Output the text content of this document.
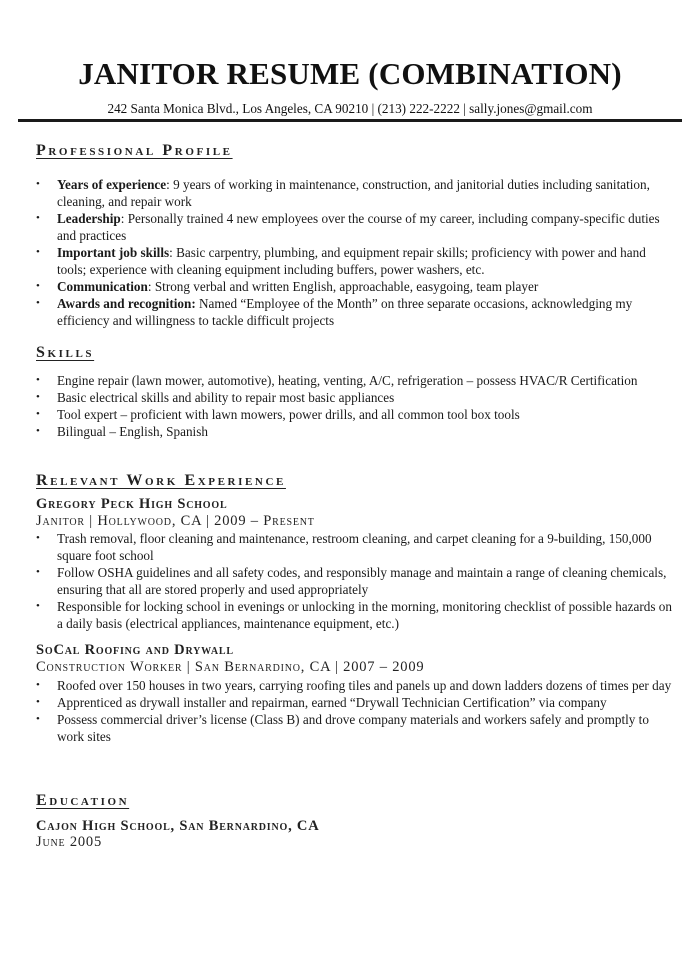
JANITOR RESUME (COMBINATION)
242 Santa Monica Blvd., Los Angeles, CA 90210 | (213) 222-2222 | sally.jones@gmail.com
Professional Profile
• Years of experience: 9 years of working in maintenance, construction, and janitorial duties including sanitation, cleaning, and repair work
• Leadership: Personally trained 4 new employees over the course of my career, including company-specific duties and practices
• Important job skills: Basic carpentry, plumbing, and equipment repair skills; proficiency with power and hand tools; experience with cleaning equipment including buffers, power washers, etc.
• Communication: Strong verbal and written English, approachable, easygoing, team player
• Awards and recognition: Named “Employee of the Month” on three separate occasions, acknowledging my efficiency and willingness to tackle difficult projects
Skills
• Engine repair (lawn mower, automotive), heating, venting, A/C, refrigeration – possess HVAC/R Certification
• Basic electrical skills and ability to repair most basic appliances
• Tool expert – proficient with lawn mowers, power drills, and all common tool box tools
• Bilingual – English, Spanish
Relevant Work Experience
Gregory Peck High School
Janitor | Hollywood, CA | 2009 – Present
• Trash removal, floor cleaning and maintenance, restroom cleaning, and carpet cleaning for a 9-building, 150,000 square foot school
• Follow OSHA guidelines and all safety codes, and responsibly manage and maintain a range of cleaning chemicals, ensuring that all are stored properly and used appropriately
• Responsible for locking school in evenings or unlocking in the morning, monitoring checklist of possible hazards on a daily basis (electrical appliances, maintenance equipment, etc.)
SoCal Roofing and Drywall
Construction Worker | San Bernardino, CA | 2007 – 2009
• Roofed over 150 houses in two years, carrying roofing tiles and panels up and down ladders dozens of times per day
• Apprenticed as drywall installer and repairman, earned “Drywall Technician Certification” via company
• Possess commercial driver’s license (Class B) and drove company materials and workers safely and promptly to work sites
Education
Cajon High School, San Bernardino, CA
June 2005
